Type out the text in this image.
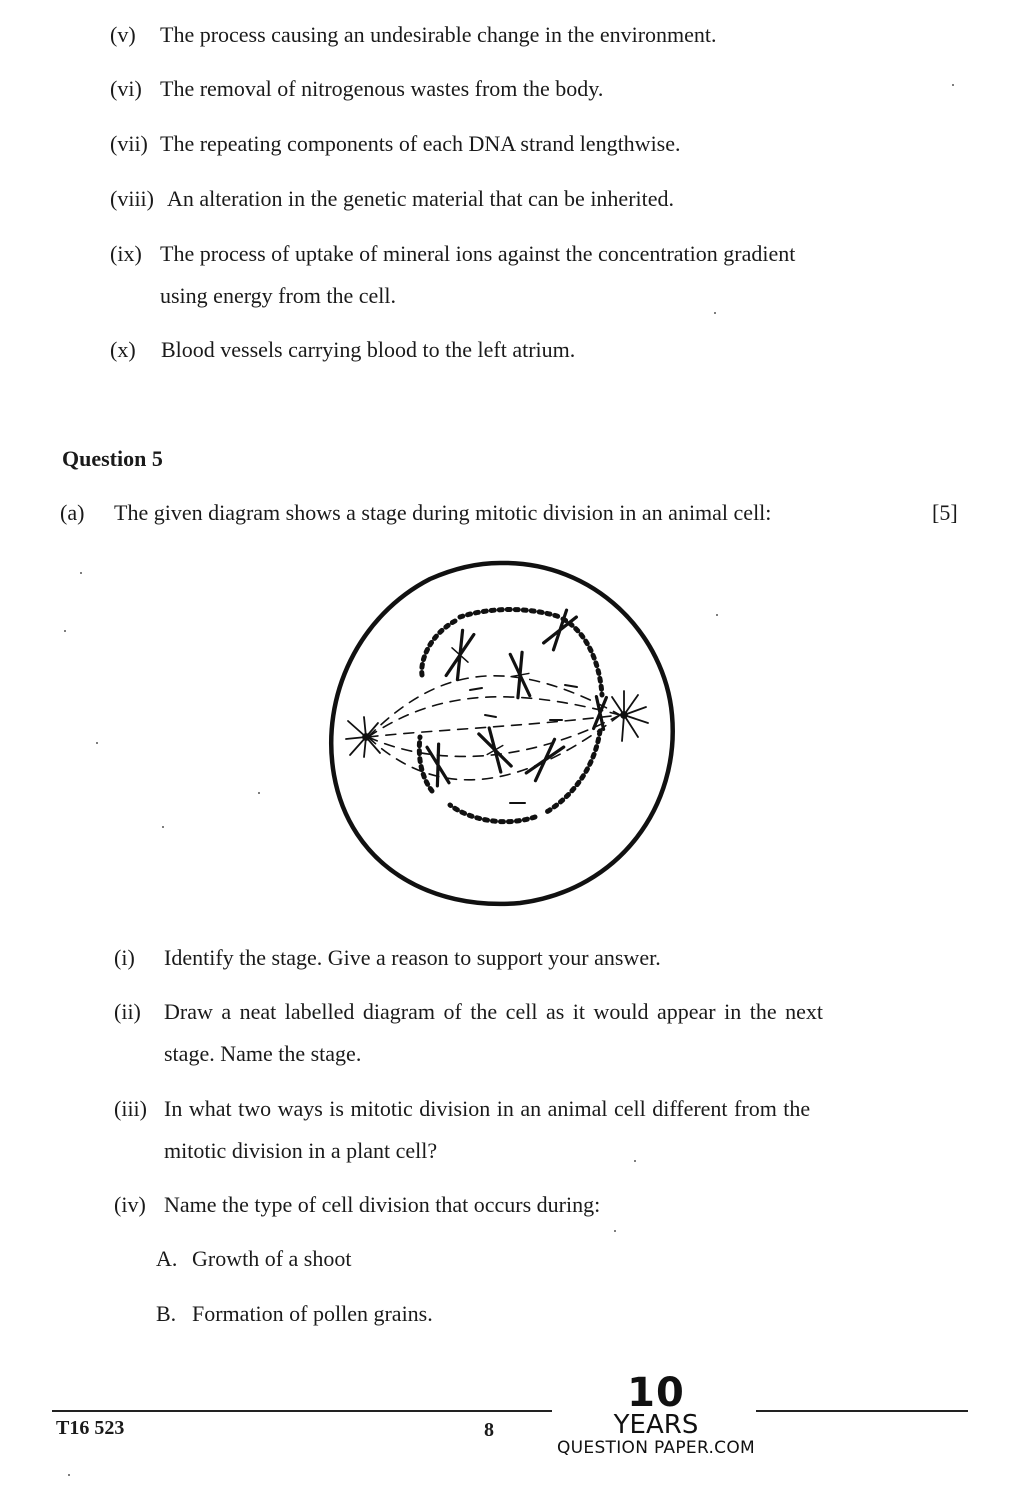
(v) The process causing an undesirable change in the environment.
(vi) The removal of nitrogenous wastes from the body.
(vii) The repeating components of each DNA strand lengthwise.
(viii) An alteration in the genetic material that can be inherited.
(ix) The process of uptake of mineral ions against the concentration gradient
using energy from the cell.
(x) Blood vessels carrying blood to the left atrium.
Question 5
(a) The given diagram shows a stage during mitotic division in an animal cell:	[5]
(i) Identify the stage. Give a reason to support your answer.
(ii) Draw a neat labelled diagram of the cell as it would appear in the next
stage. Name the stage.
(iii) In what two ways is mitotic division in an animal cell different from the
mitotic division in a plant cell?
(iv) Name the type of cell division that occurs during:
A. Growth of a shoot
B. Formation of pollen grains.
T16 523	8
10
YEARS
QUESTION PAPER.COM
